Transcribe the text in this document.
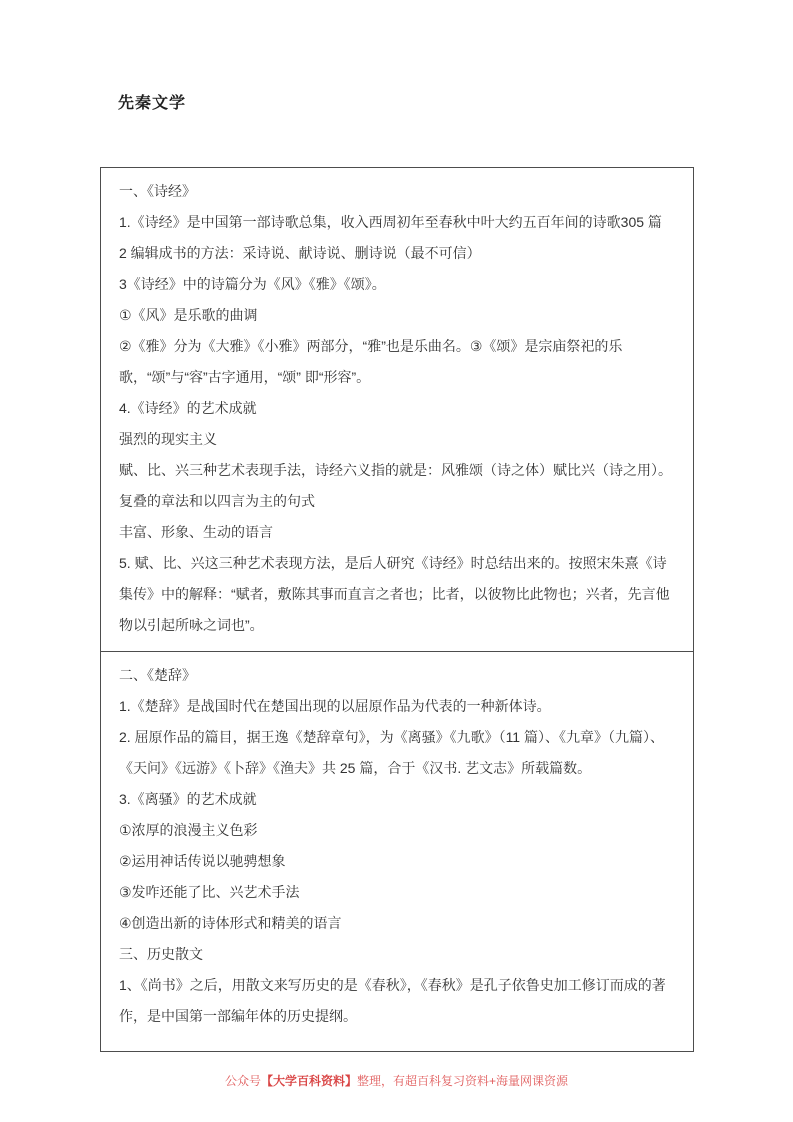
先秦文学

一、《诗经》

1.《诗经》是中国第一部诗歌总集，收入西周初年至春秋中叶大约五百年间的诗歌305 篇

2 编辑成书的方法：采诗说、献诗说、删诗说（最不可信）

3《诗经》中的诗篇分为《风》《雅》《颂》。

①《风》是乐歌的曲调

②《雅》分为《大雅》《小雅》两部分，“雅”也是乐曲名。③《颂》是宗庙祭祀的乐歌，“颂”与“容”古字通用，“颂” 即“形容”。

4.《诗经》的艺术成就

强烈的现实主义

赋、比、兴三种艺术表现手法，诗经六义指的就是：风雅颂（诗之体）赋比兴（诗之用）。

复叠的章法和以四言为主的句式

丰富、形象、生动的语言

5. 赋、比、兴这三种艺术表现方法，是后人研究《诗经》时总结出来的。按照宋朱熹《诗集传》中的解释：“赋者，敷陈其事而直言之者也；比者，以彼物比此物也；兴者，先言他物以引起所咏之词也”。

二、《楚辞》

1.《楚辞》是战国时代在楚国出现的以屈原作品为代表的一种新体诗。

2. 屈原作品的篇目，据王逸《楚辞章句》，为《离骚》《九歌》（11 篇）、《九章》（九篇）、《天问》《远游》《卜辞》《渔夫》共 25 篇，合于《汉书. 艺文志》所载篇数。

3.《离骚》的艺术成就

①浓厚的浪漫主义色彩

②运用神话传说以驰骋想象

③发咋还能了比、兴艺术手法

④创造出新的诗体形式和精美的语言

三、历史散文

1、《尚书》之后，用散文来写历史的是《春秋》，《春秋》是孔子依鲁史加工修订而成的著作，是中国第一部编年体的历史提纲。

公众号【大学百科资料】整理，有超百科复习资料+海量网课资源
